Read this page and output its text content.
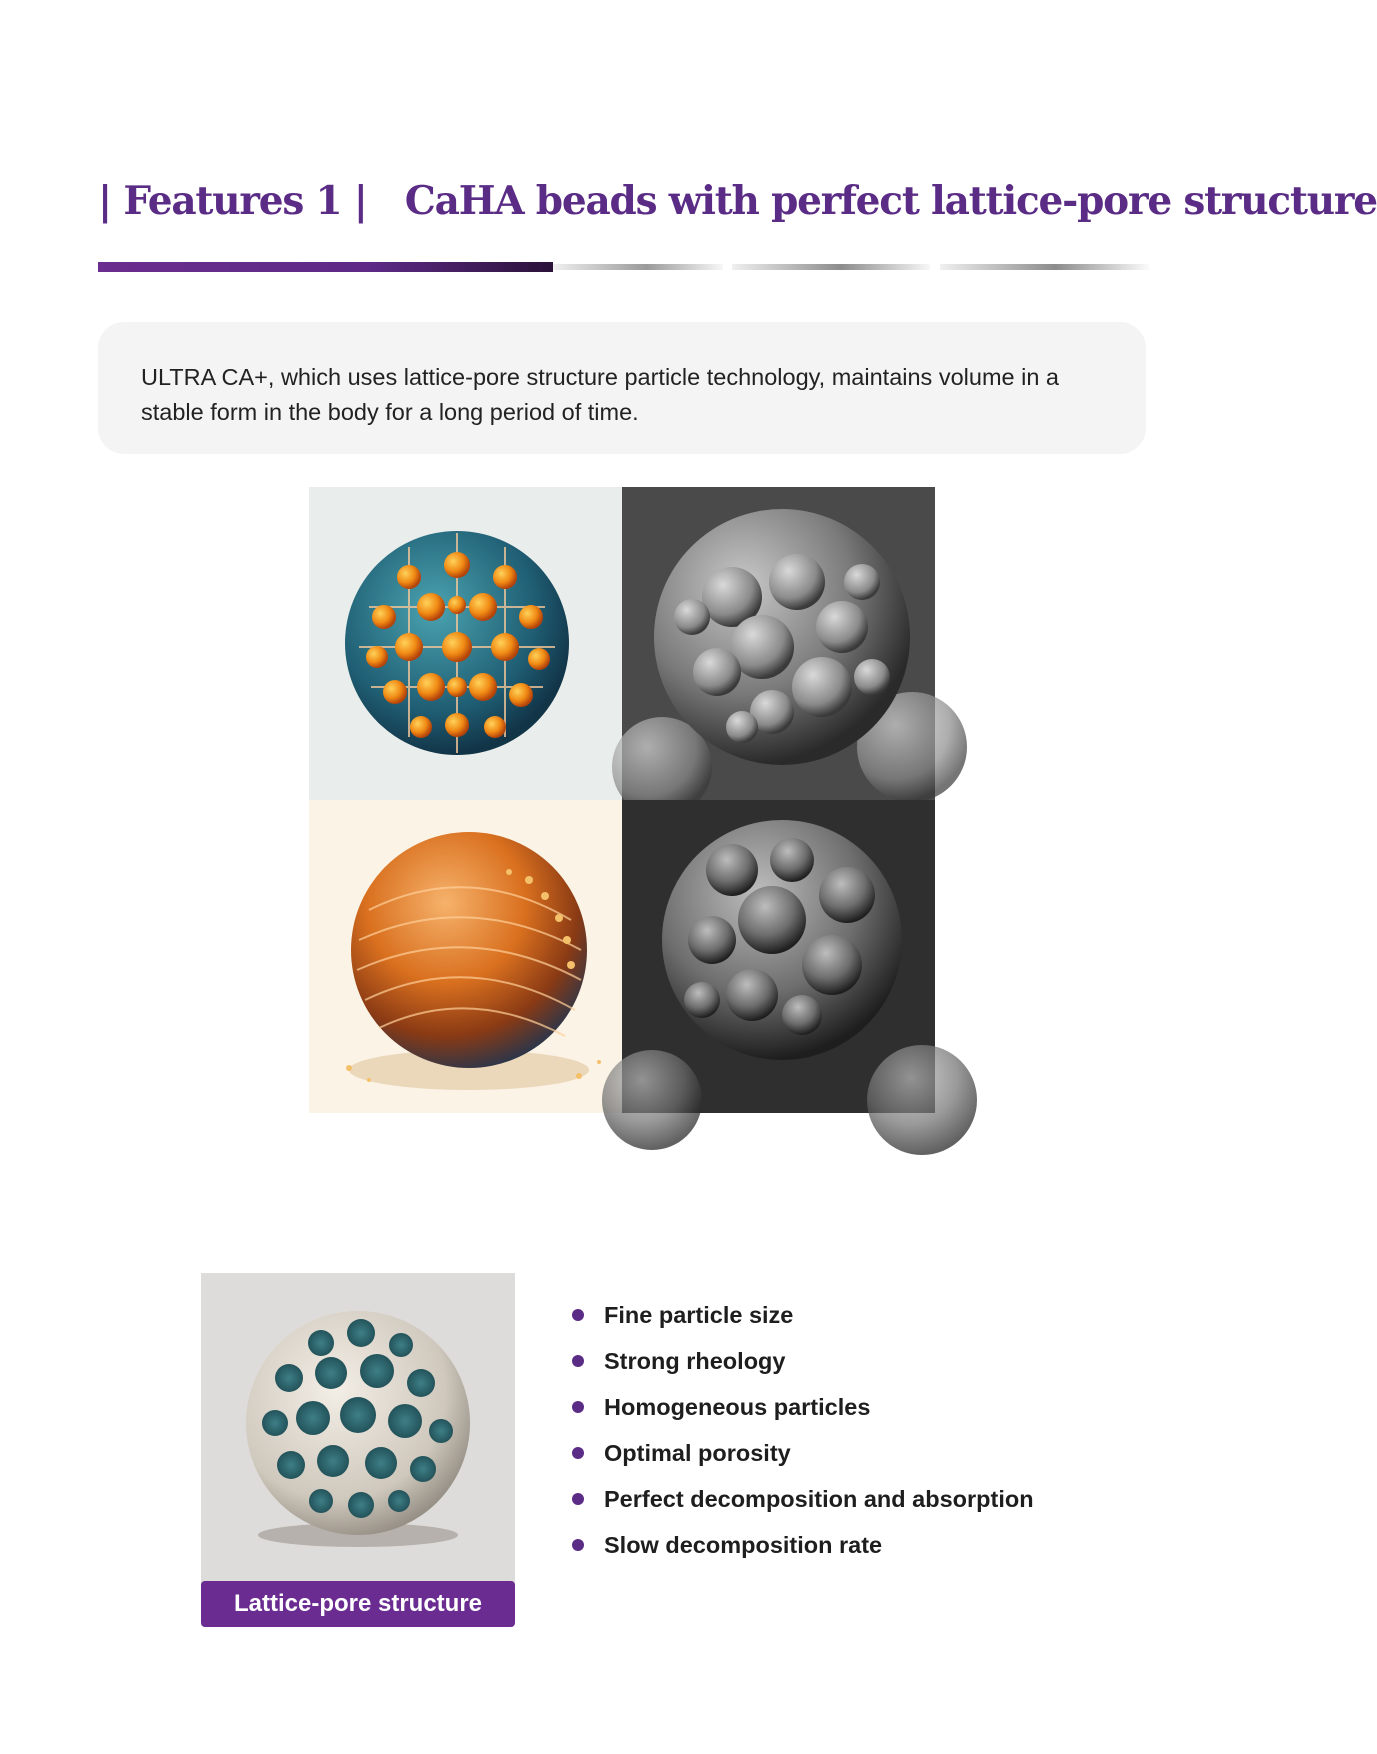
| Features 1 | CaHA beads with perfect lattice-pore structure

ULTRA CA+, which uses lattice-pore structure particle technology, maintains volume in a stable form in the body for a long period of time.

Lattice-pore structure
Fine particle size
Strong rheology
Homogeneous particles
Optimal porosity
Perfect decomposition and absorption
Slow decomposition rate
